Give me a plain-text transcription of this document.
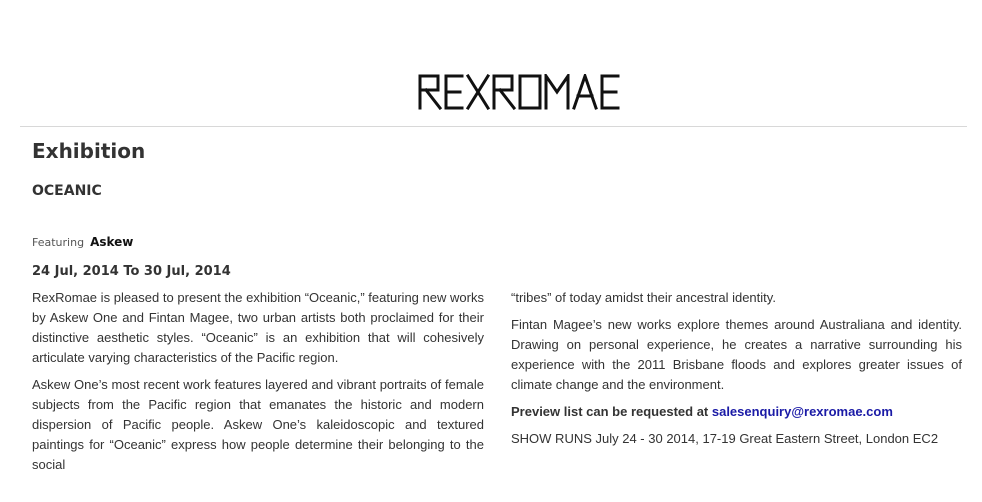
Exhibition
OCEANIC
Featuring Askew
24 Jul, 2014 To 30 Jul, 2014

RexRomae is pleased to present the exhibition “Oceanic,” featuring new works by Askew One and Fintan Magee, two urban artists both proclaimed for their distinctive aesthetic styles. “Oceanic” is an exhibition that will cohesively articulate varying characteristics of the Pacific region.

Askew One’s most recent work features layered and vibrant portraits of female subjects from the Pacific region that emanates the historic and modern dispersion of Pacific people. Askew One’s kaleidoscopic and textured paintings for “Oceanic” express how people determine their belonging to the social

“tribes” of today amidst their ancestral identity.

Fintan Magee’s new works explore themes around Australiana and identity. Drawing on personal experience, he creates a narrative surrounding his experience with the 2011 Brisbane floods and explores greater issues of climate change and the environment.

Preview list can be requested at salesenquiry@rexromae.com

SHOW RUNS July 24 - 30 2014, 17-19 Great Eastern Street, London EC2
